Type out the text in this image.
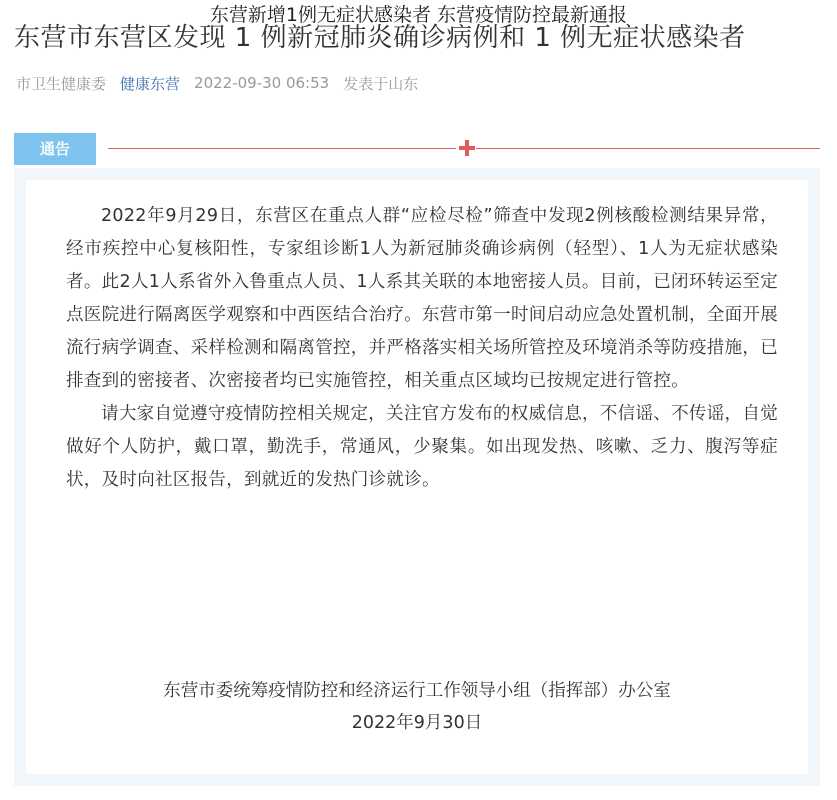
东营市东营区发现 1 例新冠肺炎确诊病例和 1 例无症状感染者
东营新增1例无症状感染者 东营疫情防控最新通报
市卫生健康委 健康东营 2022-09-30 06:53 发表于山东
通告

2022年9月29日，东营区在重点人群“应检尽检”筛查中发现2例核酸检测结果异常，经市疾控中心复核阳性，专家组诊断1人为新冠肺炎确诊病例（轻型）、1人为无症状感染者。此2人1人系省外入鲁重点人员、1人系其关联的本地密接人员。目前，已闭环转运至定点医院进行隔离医学观察和中西医结合治疗。东营市第一时间启动应急处置机制，全面开展流行病学调查、采样检测和隔离管控，并严格落实相关场所管控及环境消杀等防疫措施，已排查到的密接者、次密接者均已实施管控，相关重点区域均已按规定进行管控。

请大家自觉遵守疫情防控相关规定，关注官方发布的权威信息，不信谣、不传谣，自觉做好个人防护，戴口罩，勤洗手，常通风，少聚集。如出现发热、咳嗽、乏力、腹泻等症状，及时向社区报告，到就近的发热门诊就诊。

东营市委统筹疫情防控和经济运行工作领导小组（指挥部）办公室
2022年9月30日
